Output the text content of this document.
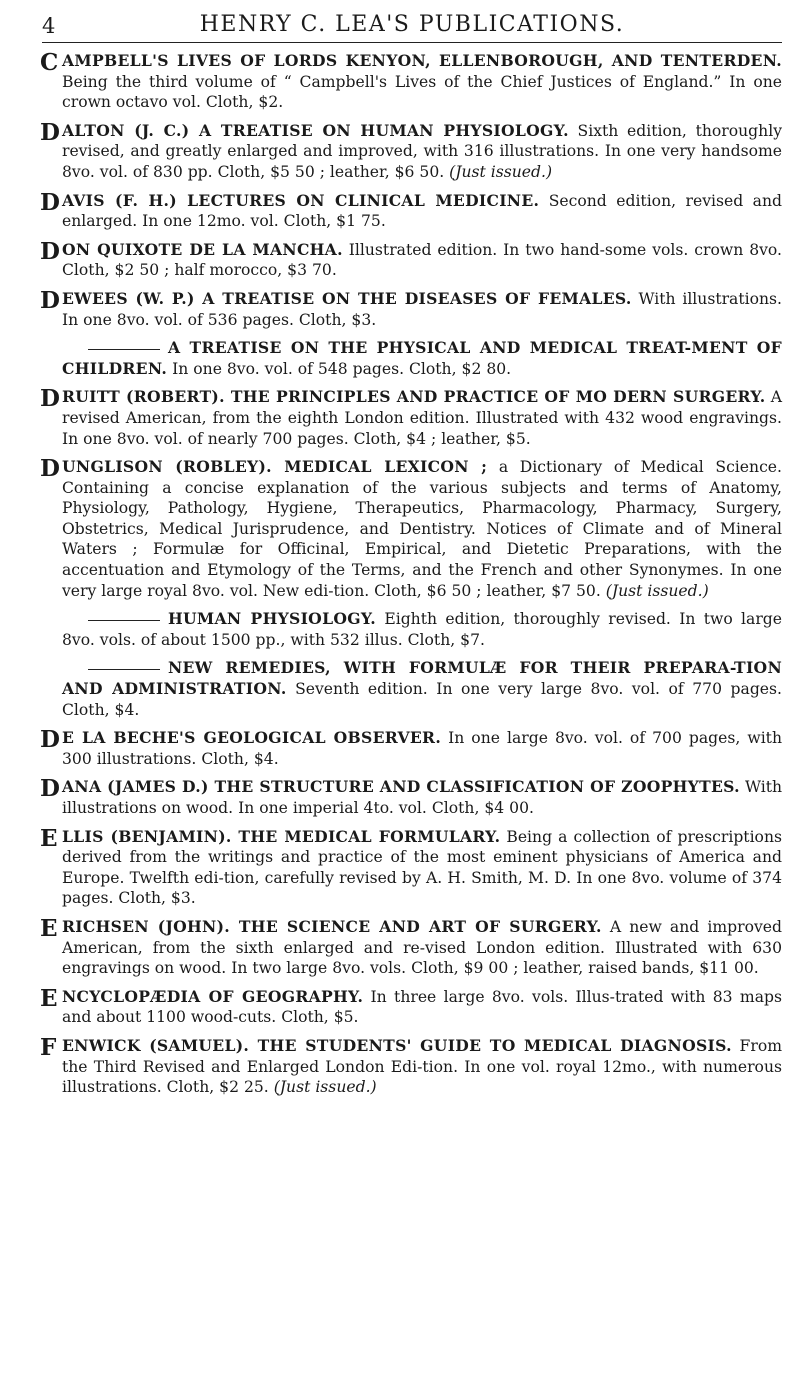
4	HENRY C. LEA'S PUBLICATIONS.
C AMPBELL'S LIVES OF LORDS KENYON, ELLENBOROUGH, AND TENTERDEN. Being the third volume of “ Campbell's Lives of the Chief Justices of England.” In one crown octavo vol. Cloth, $2.
D ALTON (J. C.) A TREATISE ON HUMAN PHYSIOLOGY. Sixth edition, thoroughly revised, and greatly enlarged and improved, with 316 illustrations. In one very handsome 8vo. vol. of 830 pp. Cloth, $5 50 ; leather, $6 50. (Just issued.)
D AVIS (F. H.) LECTURES ON CLINICAL MEDICINE. Second edition, revised and enlarged. In one 12mo. vol. Cloth, $1 75.
D ON QUIXOTE DE LA MANCHA. Illustrated edition. In two hand-some vols. crown 8vo. Cloth, $2 50 ; half morocco, $3 70.
D EWEES (W. P.) A TREATISE ON THE DISEASES OF FEMALES. With illustrations. In one 8vo. vol. of 536 pages. Cloth, $3.
A TREATISE ON THE PHYSICAL AND MEDICAL TREAT-MENT OF CHILDREN. In one 8vo. vol. of 548 pages. Cloth, $2 80.
D RUITT (ROBERT). THE PRINCIPLES AND PRACTICE OF MO DERN SURGERY. A revised American, from the eighth London edition. Illustrated with 432 wood engravings. In one 8vo. vol. of nearly 700 pages. Cloth, $4 ; leather, $5.
D UNGLISON (ROBLEY). MEDICAL LEXICON ; a Dictionary of Medical Science. Containing a concise explanation of the various subjects and terms of Anatomy, Physiology, Pathology, Hygiene, Therapeutics, Pharmacology, Pharmacy, Surgery, Obstetrics, Medical Jurisprudence, and Dentistry. Notices of Climate and of Mineral Waters ; Formulæ for Officinal, Empirical, and Dietetic Preparations, with the accentuation and Etymology of the Terms, and the French and other Synonymes. In one very large royal 8vo. vol. New edi-tion. Cloth, $6 50 ; leather, $7 50. (Just issued.)
HUMAN PHYSIOLOGY. Eighth edition, thoroughly revised. In two large 8vo. vols. of about 1500 pp., with 532 illus. Cloth, $7.
NEW REMEDIES, WITH FORMULÆ FOR THEIR PREPARA-TION AND ADMINISTRATION. Seventh edition. In one very large 8vo. vol. of 770 pages. Cloth, $4.
D E LA BECHE'S GEOLOGICAL OBSERVER. In one large 8vo. vol. of 700 pages, with 300 illustrations. Cloth, $4.
D ANA (JAMES D.) THE STRUCTURE AND CLASSIFICATION OF ZOOPHYTES. With illustrations on wood. In one imperial 4to. vol. Cloth, $4 00.
E LLIS (BENJAMIN). THE MEDICAL FORMULARY. Being a collection of prescriptions derived from the writings and practice of the most eminent physicians of America and Europe. Twelfth edi-tion, carefully revised by A. H. Smith, M. D. In one 8vo. volume of 374 pages. Cloth, $3.
E RICHSEN (JOHN). THE SCIENCE AND ART OF SURGERY. A new and improved American, from the sixth enlarged and re-vised London edition. Illustrated with 630 engravings on wood. In two large 8vo. vols. Cloth, $9 00 ; leather, raised bands, $11 00.
E NCYCLOPÆDIA OF GEOGRAPHY. In three large 8vo. vols. Illus-trated with 83 maps and about 1100 wood-cuts. Cloth, $5.
F ENWICK (SAMUEL). THE STUDENTS' GUIDE TO MEDICAL DIAGNOSIS. From the Third Revised and Enlarged London Edi-tion. In one vol. royal 12mo., with numerous illustrations. Cloth, $2 25. (Just issued.)
